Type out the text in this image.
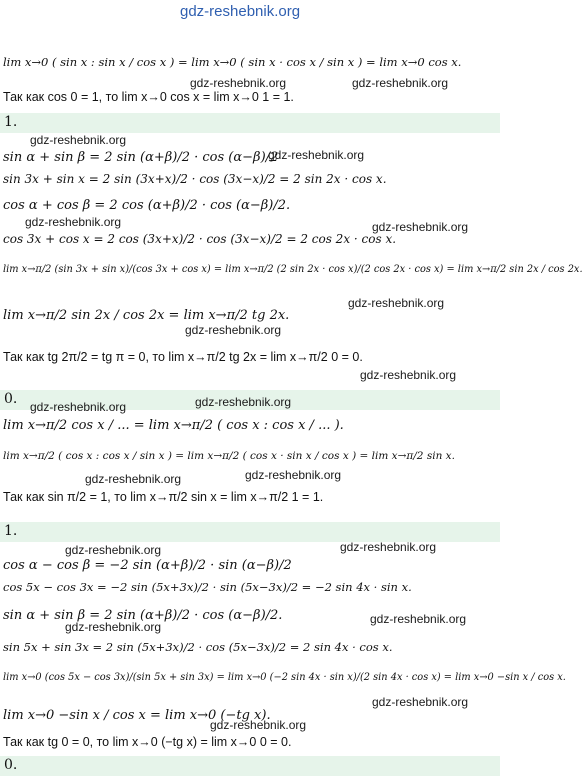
gdz-reshebnik.org
lim x→0 ( sin x : sin x / cos x ) = lim x→0 ( sin x · cos x / sin x ) = lim x→0 cos x.
Так как cos 0 = 1, то lim x→0 cos x = lim x→0 1 = 1.
gdz-reshebnik.org	gdz-reshebnik.org
1.
gdz-reshebnik.org
sin α + sin β = 2 sin (α+β)/2 · cos (α−β)/2
gdz-reshebnik.org
sin 3x + sin x = 2 sin (3x+x)/2 · cos (3x−x)/2 = 2 sin 2x · cos x.
cos α + cos β = 2 cos (α+β)/2 · cos (α−β)/2.
gdz-reshebnik.org	gdz-reshebnik.org
cos 3x + cos x = 2 cos (3x+x)/2 · cos (3x−x)/2 = 2 cos 2x · cos x.
lim x→π/2 (sin 3x + sin x)/(cos 3x + cos x) = lim x→π/2 (2 sin 2x · cos x)/(2 cos 2x · cos x) = lim x→π/2 sin 2x / cos 2x.
gdz-reshebnik.org
lim x→π/2 sin 2x / cos 2x = lim x→π/2 tg 2x.
gdz-reshebnik.org
Так как tg 2π/2 = tg π = 0, то lim x→π/2 tg 2x = lim x→π/2 0 = 0.
gdz-reshebnik.org
0. gdz-reshebnik.org	gdz-reshebnik.org
lim x→π/2 cos x / ... = lim x→π/2 ( cos x : cos x / ... ).
lim x→π/2 ( cos x : cos x / sin x ) = lim x→π/2 ( cos x · sin x / cos x ) = lim x→π/2 sin x.
gdz-reshebnik.org	gdz-reshebnik.org
Так как sin π/2 = 1, то lim x→π/2 sin x = lim x→π/2 1 = 1.
1.
gdz-reshebnik.org	gdz-reshebnik.org
cos α − cos β = −2 sin (α+β)/2 · sin (α−β)/2
cos 5x − cos 3x = −2 sin (5x+3x)/2 · sin (5x−3x)/2 = −2 sin 4x · sin x.
sin α + sin β = 2 sin (α+β)/2 · cos (α−β)/2.
gdz-reshebnik.org
gdz-reshebnik.org
sin 5x + sin 3x = 2 sin (5x+3x)/2 · cos (5x−3x)/2 = 2 sin 4x · cos x.
lim x→0 (cos 5x − cos 3x)/(sin 5x + sin 3x) = lim x→0 (−2 sin 4x · sin x)/(2 sin 4x · cos x) = lim x→0 −sin x / cos x.
gdz-reshebnik.org
lim x→0 −sin x / cos x = lim x→0 (−tg x).
gdz-reshebnik.org
Так как tg 0 = 0, то lim x→0 (−tg x) = lim x→0 0 = 0.
0.
